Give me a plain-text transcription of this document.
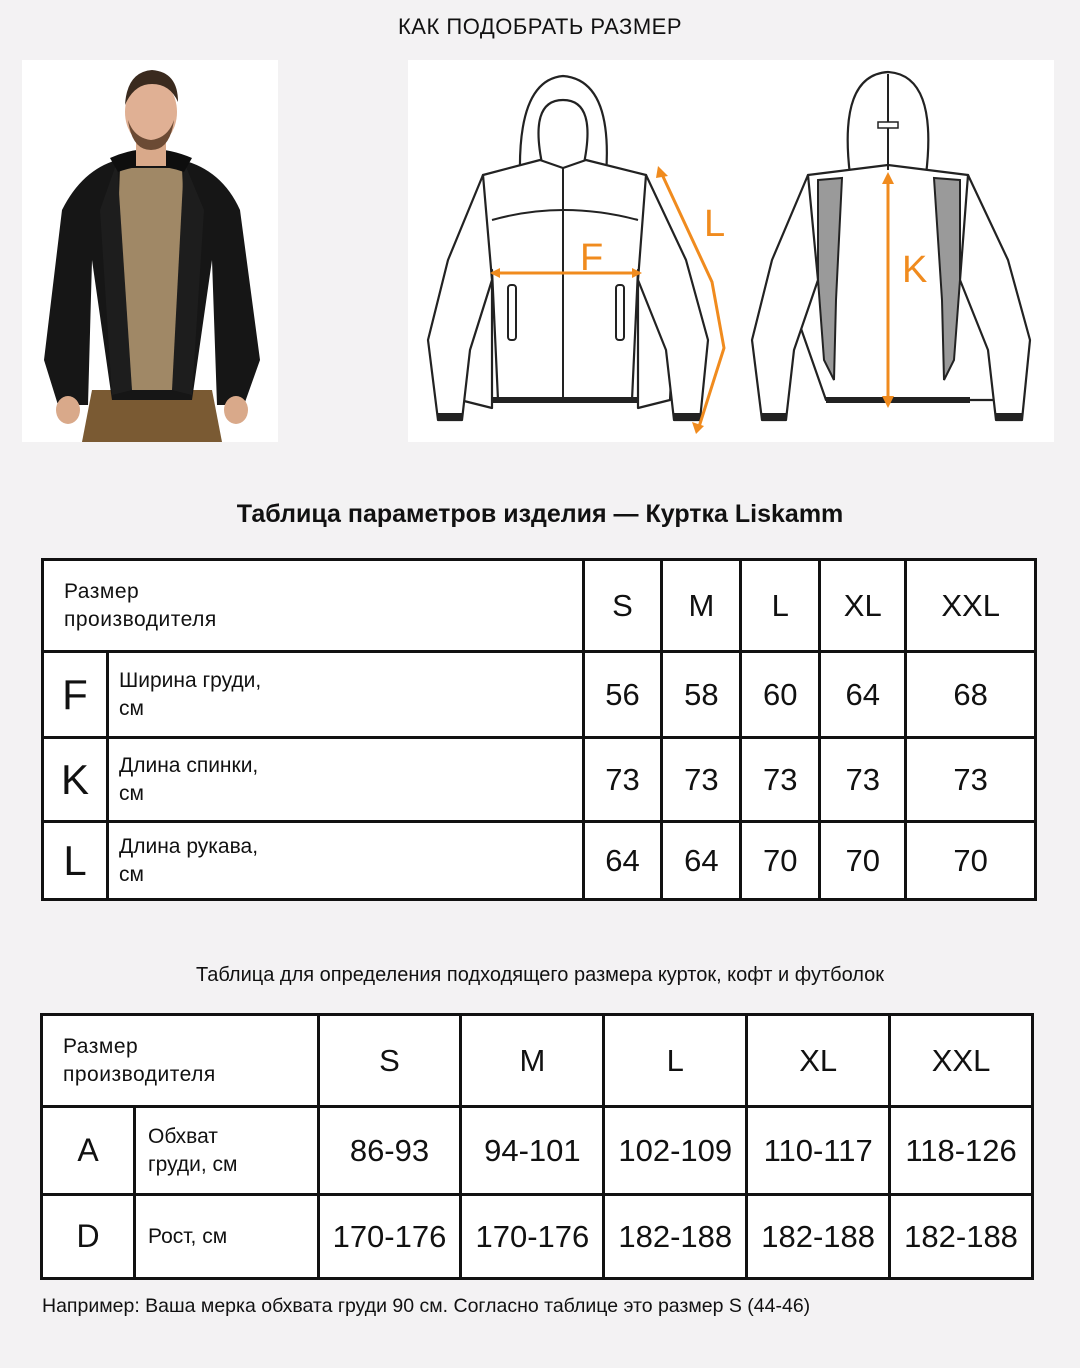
КАК ПОДОБРАТЬ РАЗМЕР
F
L
K
Таблица параметров изделия — Куртка Liskamm
Размер
производителя		S	M	L	XL	XXL
F	Ширина груди,
см	56	58	60	64	68
K	Длина спинки,
см	73	73	73	73	73
L	Длина рукава,
см	64	64	70	70	70
Таблица для определения подходящего размера курток, кофт и футболок
Размер
производителя		S	M	L	XL	XXL
A	Обхват
груди, см	86-93	94-101	102-109	110-117	118-126
D	Рост, см	170-176	170-176	182-188	182-188	182-188
Например: Ваша мерка обхвата груди 90 см. Согласно таблице это размер S (44-46)
